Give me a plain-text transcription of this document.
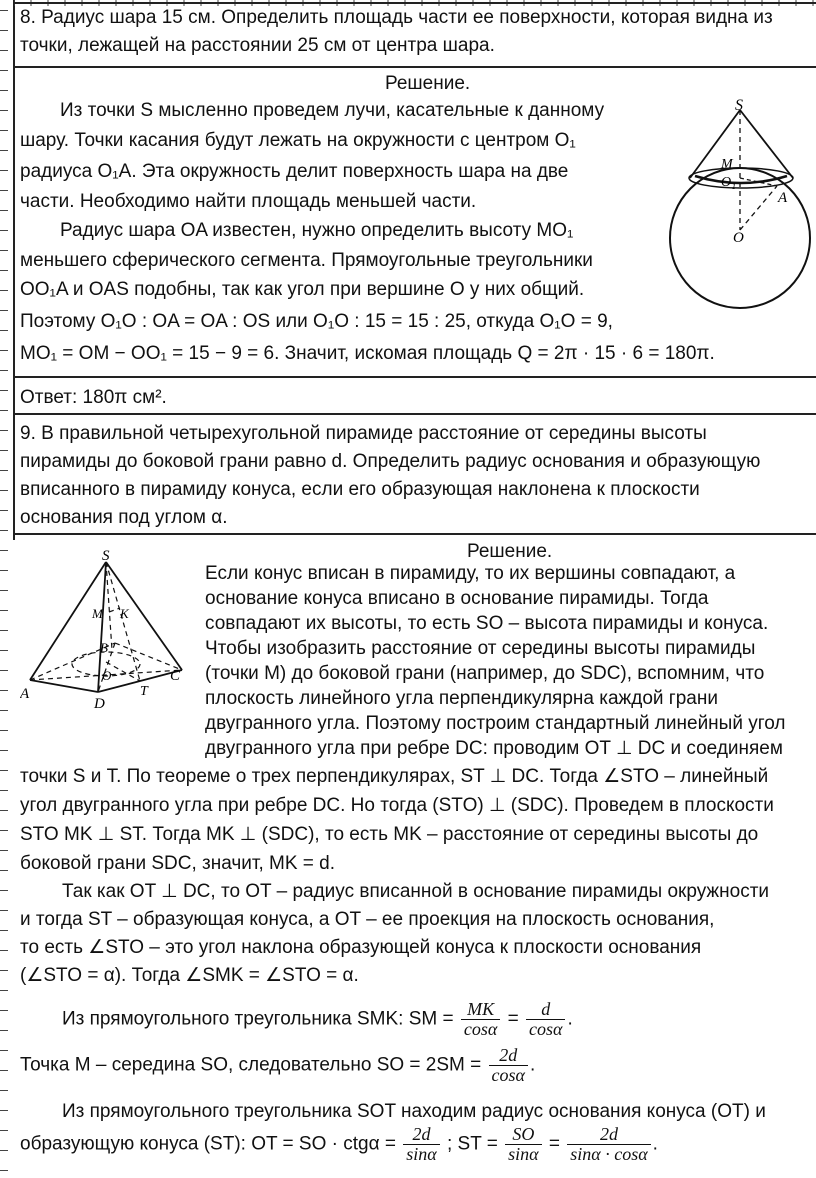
8. Радиус шара 15 см. Определить площадь части ее поверхности, которая видна из
точки, лежащей на расстоянии 25 см от центра шара.
Решение.
Из точки S мысленно проведем лучи, касательные к данному
шару. Точки касания будут лежать на окружности с центром O₁
радиуса O₁A. Эта окружность делит поверхность шара на две
части. Необходимо найти площадь меньшей части.
Радиус шара OA известен, нужно определить высоту MO₁
меньшего сферического сегмента. Прямоугольные треугольники
OO₁A и OAS подобны, так как угол при вершине O у них общий.
Поэтому O₁O : OA = OA : OS или O₁O : 15 = 15 : 25, откуда O₁O = 9,
MO₁ = OM − OO₁ = 15 − 9 = 6. Значит, искомая площадь Q = 2π · 15 · 6 = 180π.
S
M
O₁
A
O
Ответ: 180π см².
9. В правильной четырехугольной пирамиде расстояние от середины высоты
пирамиды до боковой грани равно d. Определить радиус основания и образующую
вписанного в пирамиду конуса, если его образующая наклонена к плоскости
основания под углом α.
Решение.
Если конус вписан в пирамиду, то их вершины совпадают, а
основание конуса вписано в основание пирамиды. Тогда
совпадают их высоты, то есть SO – высота пирамиды и конуса.
Чтобы изобразить расстояние от середины высоты пирамиды
(точки M) до боковой грани (например, до SDC), вспомним, что
плоскость линейного угла перпендикулярна каждой грани
двугранного угла. Поэтому построим стандартный линейный угол
двугранного угла при ребре DC: проводим OT ⊥ DC и соединяем
точки S и T. По теореме о трех перпендикулярах, ST ⊥ DC. Тогда ∠STO – линейный
угол двугранного угла при ребре DC. Но тогда (STO) ⊥ (SDC). Проведем в плоскости
STO MK ⊥ ST. Тогда MK ⊥ (SDC), то есть MK – расстояние от середины высоты до
боковой грани SDC, значит, MK = d.
Так как OT ⊥ DC, то OT – радиус вписанной в основание пирамиды окружности
и тогда ST – образующая конуса, а OT – ее проекция на плоскость основания,
то есть ∠STO – это угол наклона образующей конуса к плоскости основания
(∠STO = α). Тогда ∠SMK = ∠STO = α.
Из прямоугольного треугольника SMK: SM = $\frac{MK}{\cos\alpha} = \frac{d}{\cos\alpha}$ .
Точка M – середина SO, следовательно SO = $2SM = \frac{2d}{\cos\alpha}$ .
Из прямоугольного треугольника SOT находим радиус основания конуса (OT) и
образующую конуса (ST): OT = SO · $ctg\alpha = \frac{2d}{\sin\alpha}$ ; ST = $\frac{SO}{\sin\alpha} = \frac{2d}{\sin\alpha \cdot \cos\alpha}$ .
S
M K
B
C
A
O
T
D
